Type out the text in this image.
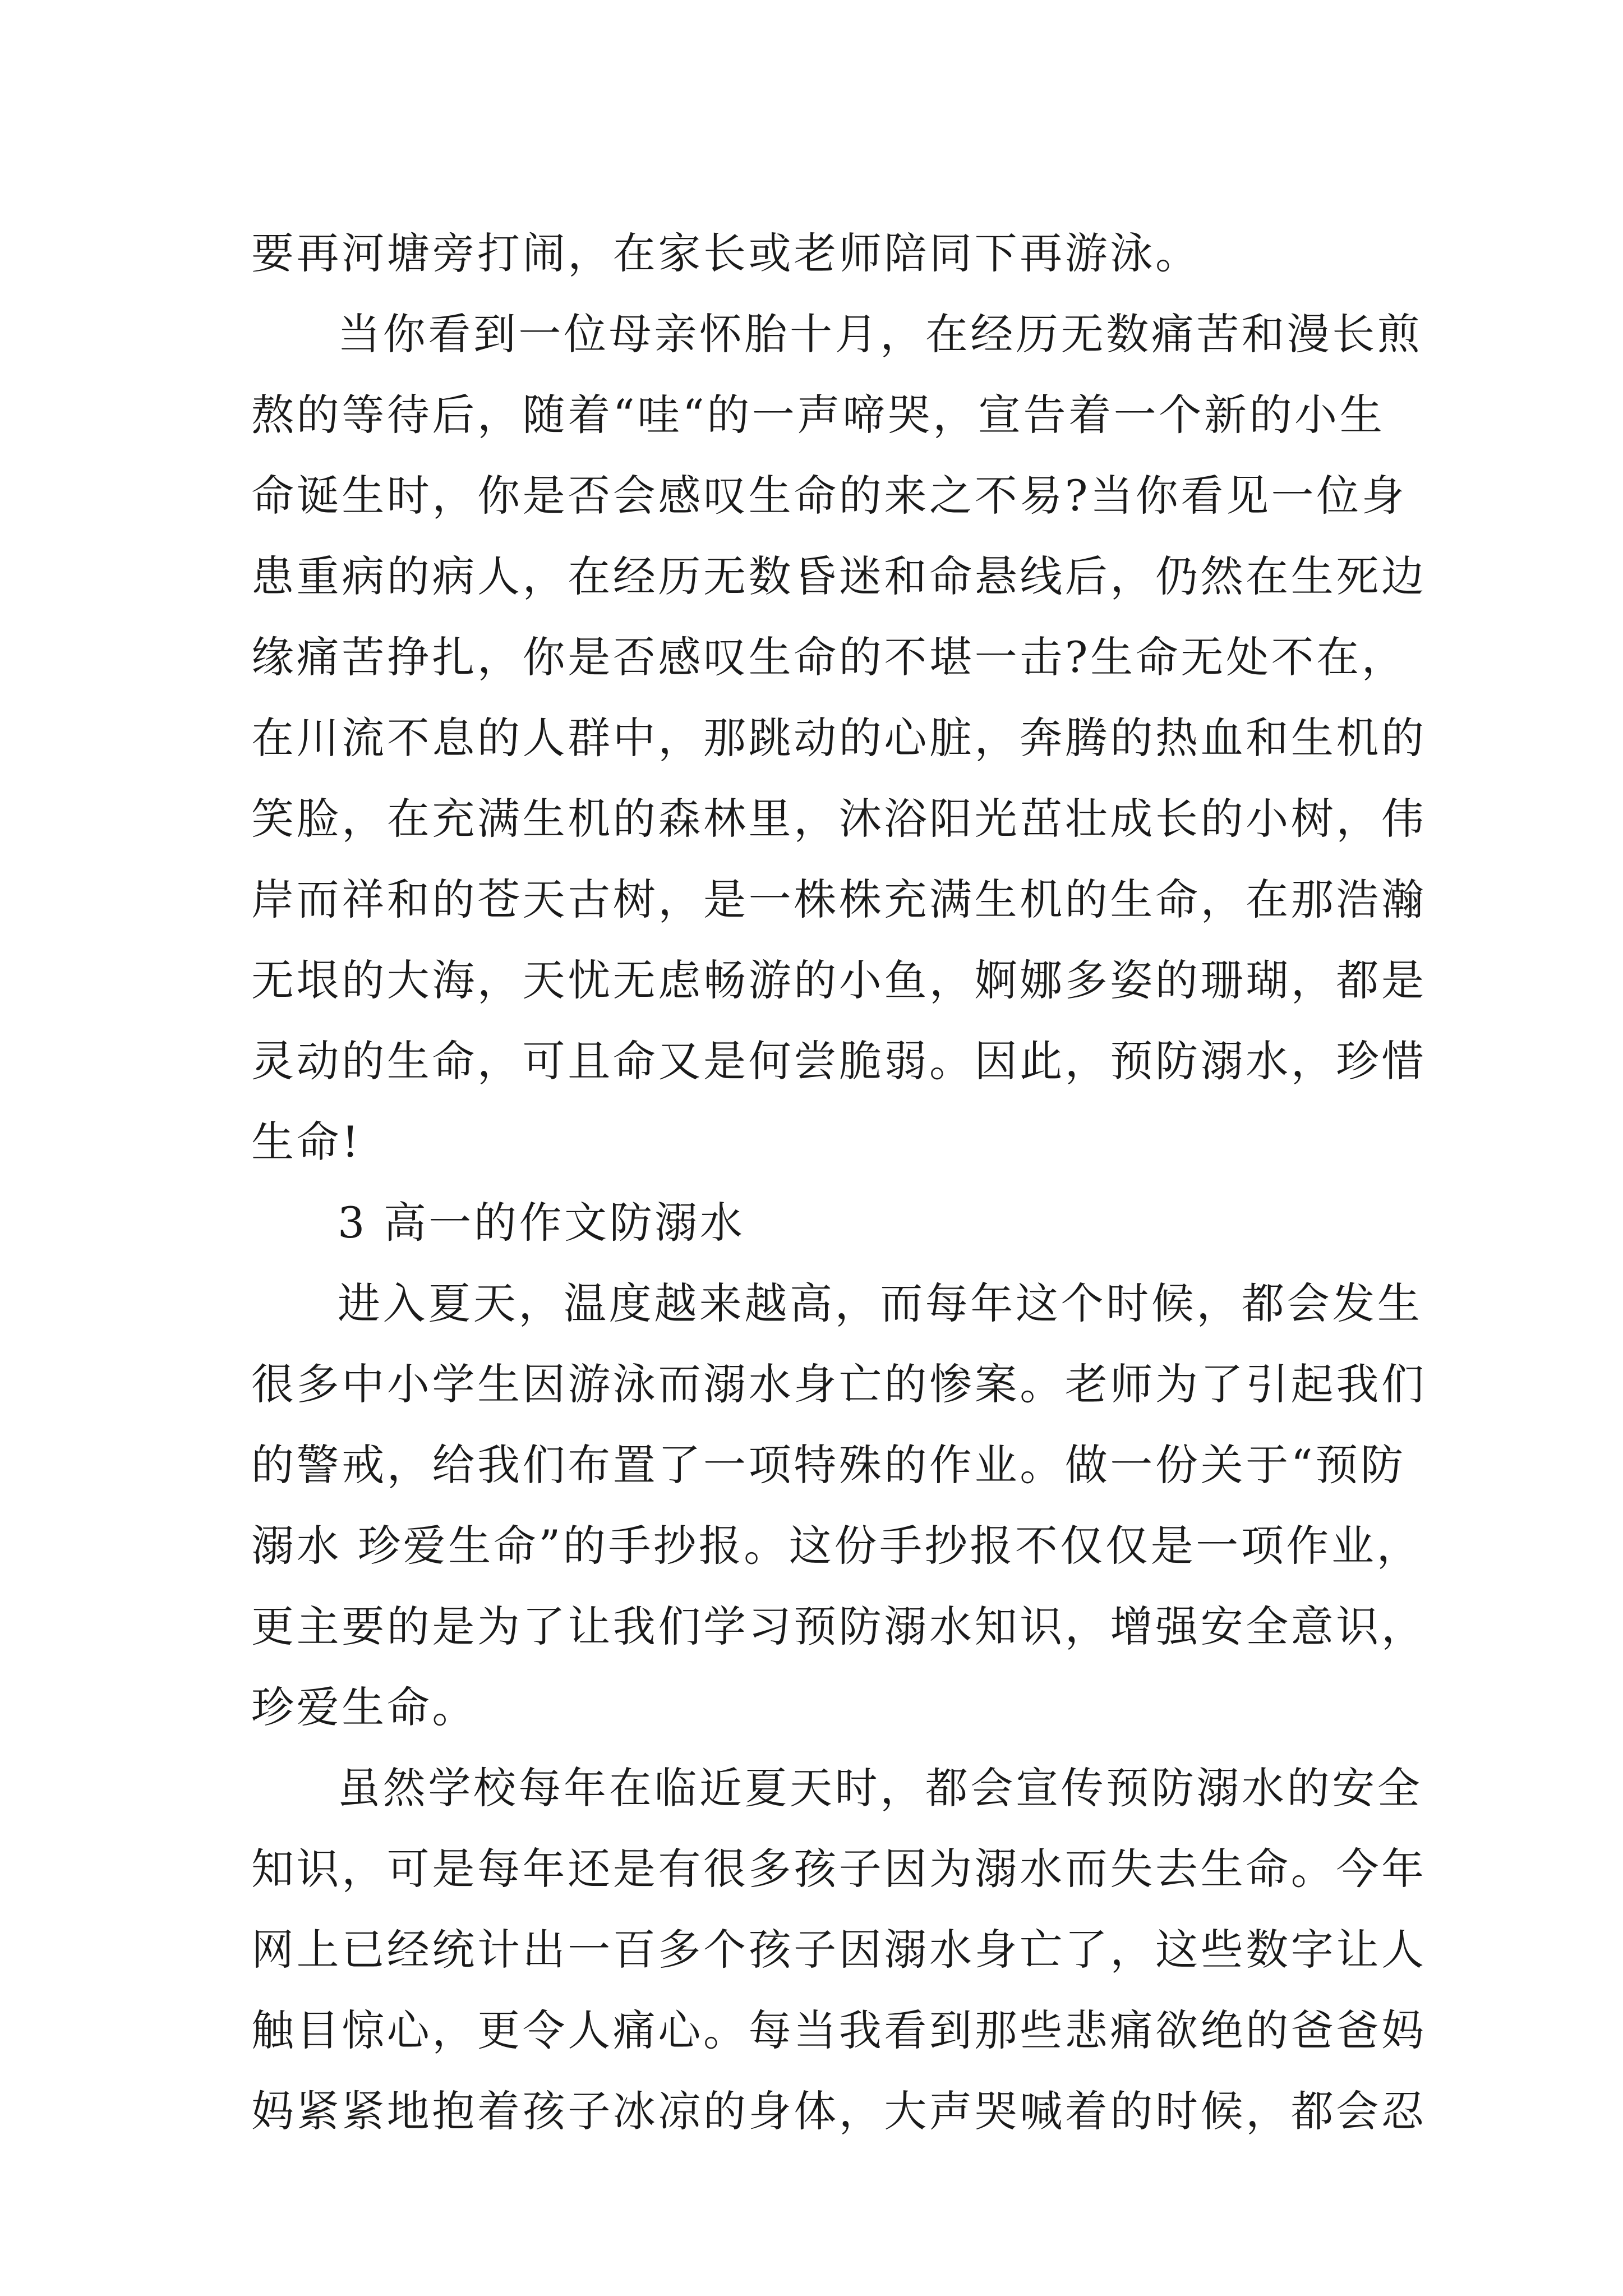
要再河塘旁打闹，在家长或老师陪同下再游泳。
当你看到一位母亲怀胎十月，在经历无数痛苦和漫长煎
熬的等待后，随着“哇“的一声啼哭，宣告着一个新的小生
命诞生时，你是否会感叹生命的来之不易?当你看见一位身
患重病的病人，在经历无数昏迷和命悬线后，仍然在生死边
缘痛苦挣扎，你是否感叹生命的不堪一击?生命无处不在，
在川流不息的人群中，那跳动的心脏，奔腾的热血和生机的
笑脸，在充满生机的森林里，沐浴阳光茁壮成长的小树，伟
岸而祥和的苍天古树，是一株株充满生机的生命，在那浩瀚
无垠的大海，天忧无虑畅游的小鱼，婀娜多姿的珊瑚，都是
灵动的生命，可且命又是何尝脆弱。因此，预防溺水，珍惜
生命!
3 高一的作文防溺水
进入夏天，温度越来越高，而每年这个时候，都会发生
很多中小学生因游泳而溺水身亡的惨案。老师为了引起我们
的警戒，给我们布置了一项特殊的作业。做一份关于“预防
溺水 珍爱生命”的手抄报。这份手抄报不仅仅是一项作业，
更主要的是为了让我们学习预防溺水知识，增强安全意识，
珍爱生命。
虽然学校每年在临近夏天时，都会宣传预防溺水的安全
知识，可是每年还是有很多孩子因为溺水而失去生命。今年
网上已经统计出一百多个孩子因溺水身亡了，这些数字让人
触目惊心，更令人痛心。每当我看到那些悲痛欲绝的爸爸妈
妈紧紧地抱着孩子冰凉的身体，大声哭喊着的时候，都会忍
